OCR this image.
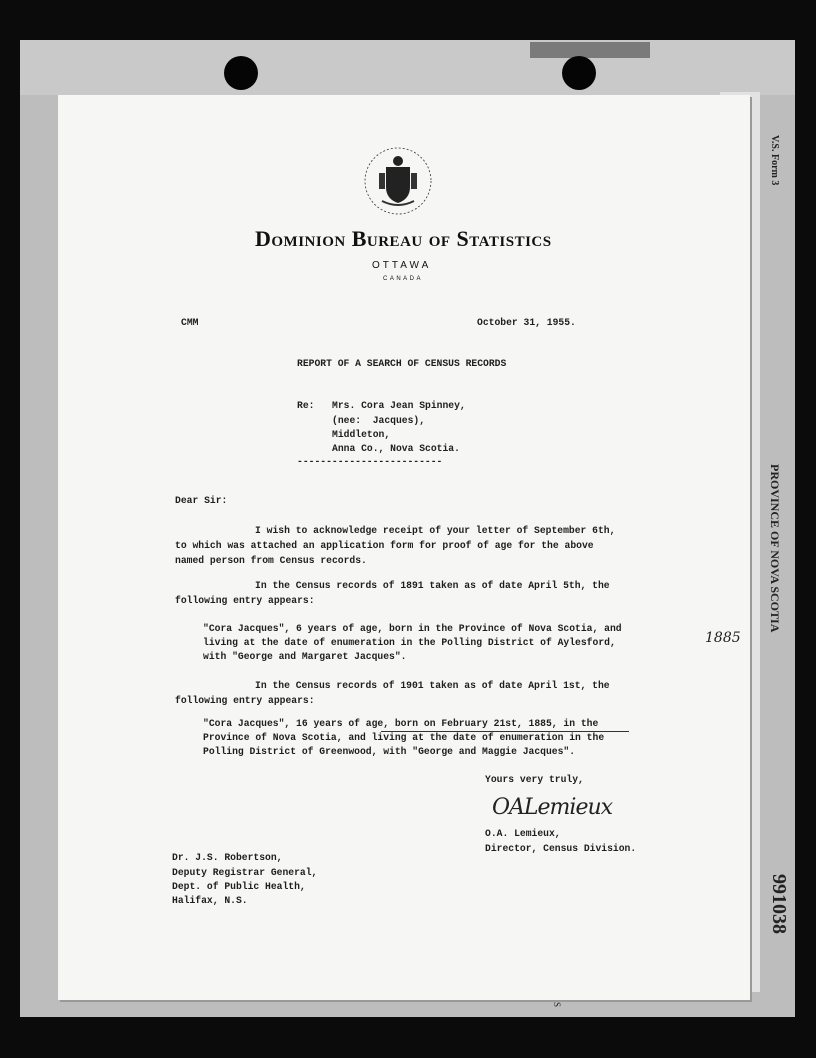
Dominion Bureau of Statistics
OTTAWA
CANADA
CMM	October 31, 1955.
REPORT OF A SEARCH OF CENSUS RECORDS
Re: Mrs. Cora Jean Spinney,
(nee:  Jacques),
Middleton,
Anna Co., Nova Scotia.
-------------------------
Dear Sir:
I wish to acknowledge receipt of your letter of September 6th,
to which was attached an application form for proof of age for the above
named person from Census records.
In the Census records of 1891 taken as of date April 5th, the
following entry appears:
"Cora Jacques", 6 years of age, born in the Province of Nova Scotia, and
living at the date of enumeration in the Polling District of Aylesford,
with "George and Margaret Jacques".
1885
In the Census records of 1901 taken as of date April 1st, the
following entry appears:
"Cora Jacques", 16 years of age, born on February 21st, 1885, in the
Province of Nova Scotia, and living at the date of enumeration in the
Polling District of Greenwood, with "George and Maggie Jacques".
Yours very truly,
OALemieux
O.A. Lemieux,
Director, Census Division.
Dr. J.S. Robertson,
Deputy Registrar General,
Dept. of Public Health,
Halifax, N.S.
V.S. Form 3
PROVINCE OF NOVA SCOTIA
991038
S
